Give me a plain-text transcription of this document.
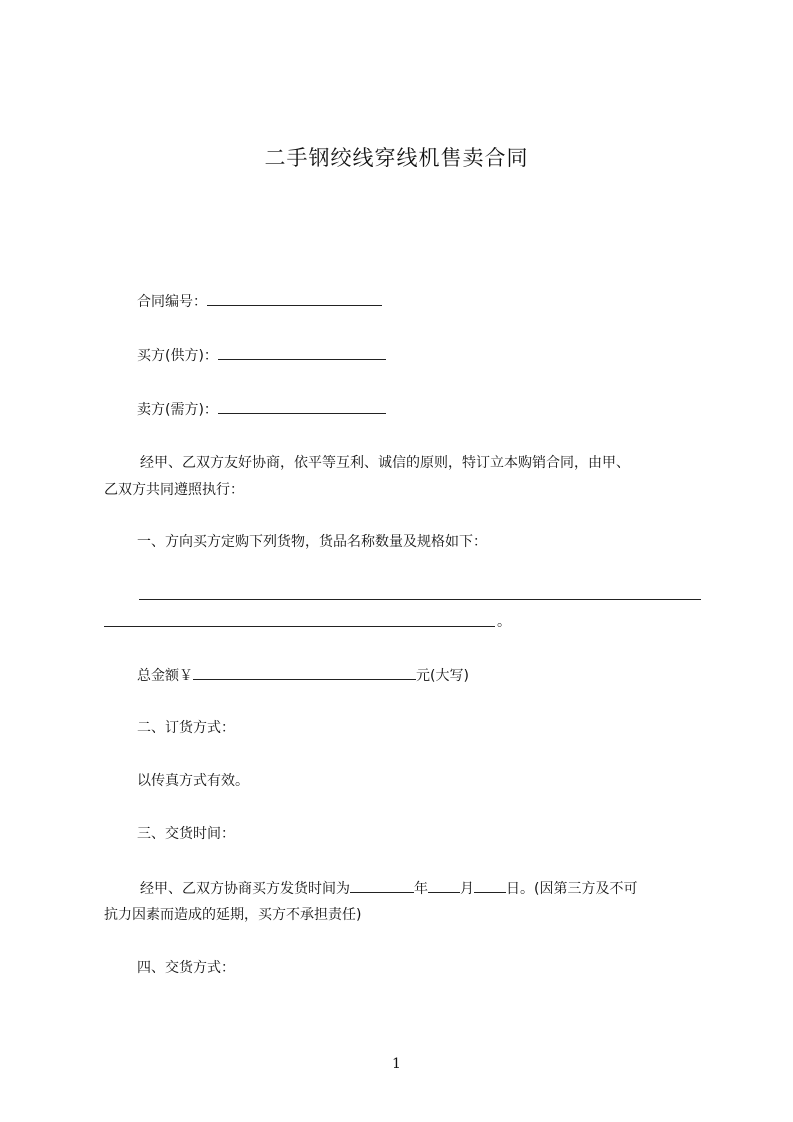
二手钢绞线穿线机售卖合同
合同编号：
买方(供方)：
卖方(需方)：
经甲、乙双方友好协商，依平等互利、诚信的原则，特订立本购销合同，由甲、
乙双方共同遵照执行：
一、方向买方定购下列货物，货品名称数量及规格如下：
。
总金额￥	元(大写)
二、订货方式：
以传真方式有效。
三、交货时间：
经甲、乙双方协商买方发货时间为	年 月 日。(因第三方及不可
抗力因素而造成的延期，买方不承担责任)
四、交货方式：
1
